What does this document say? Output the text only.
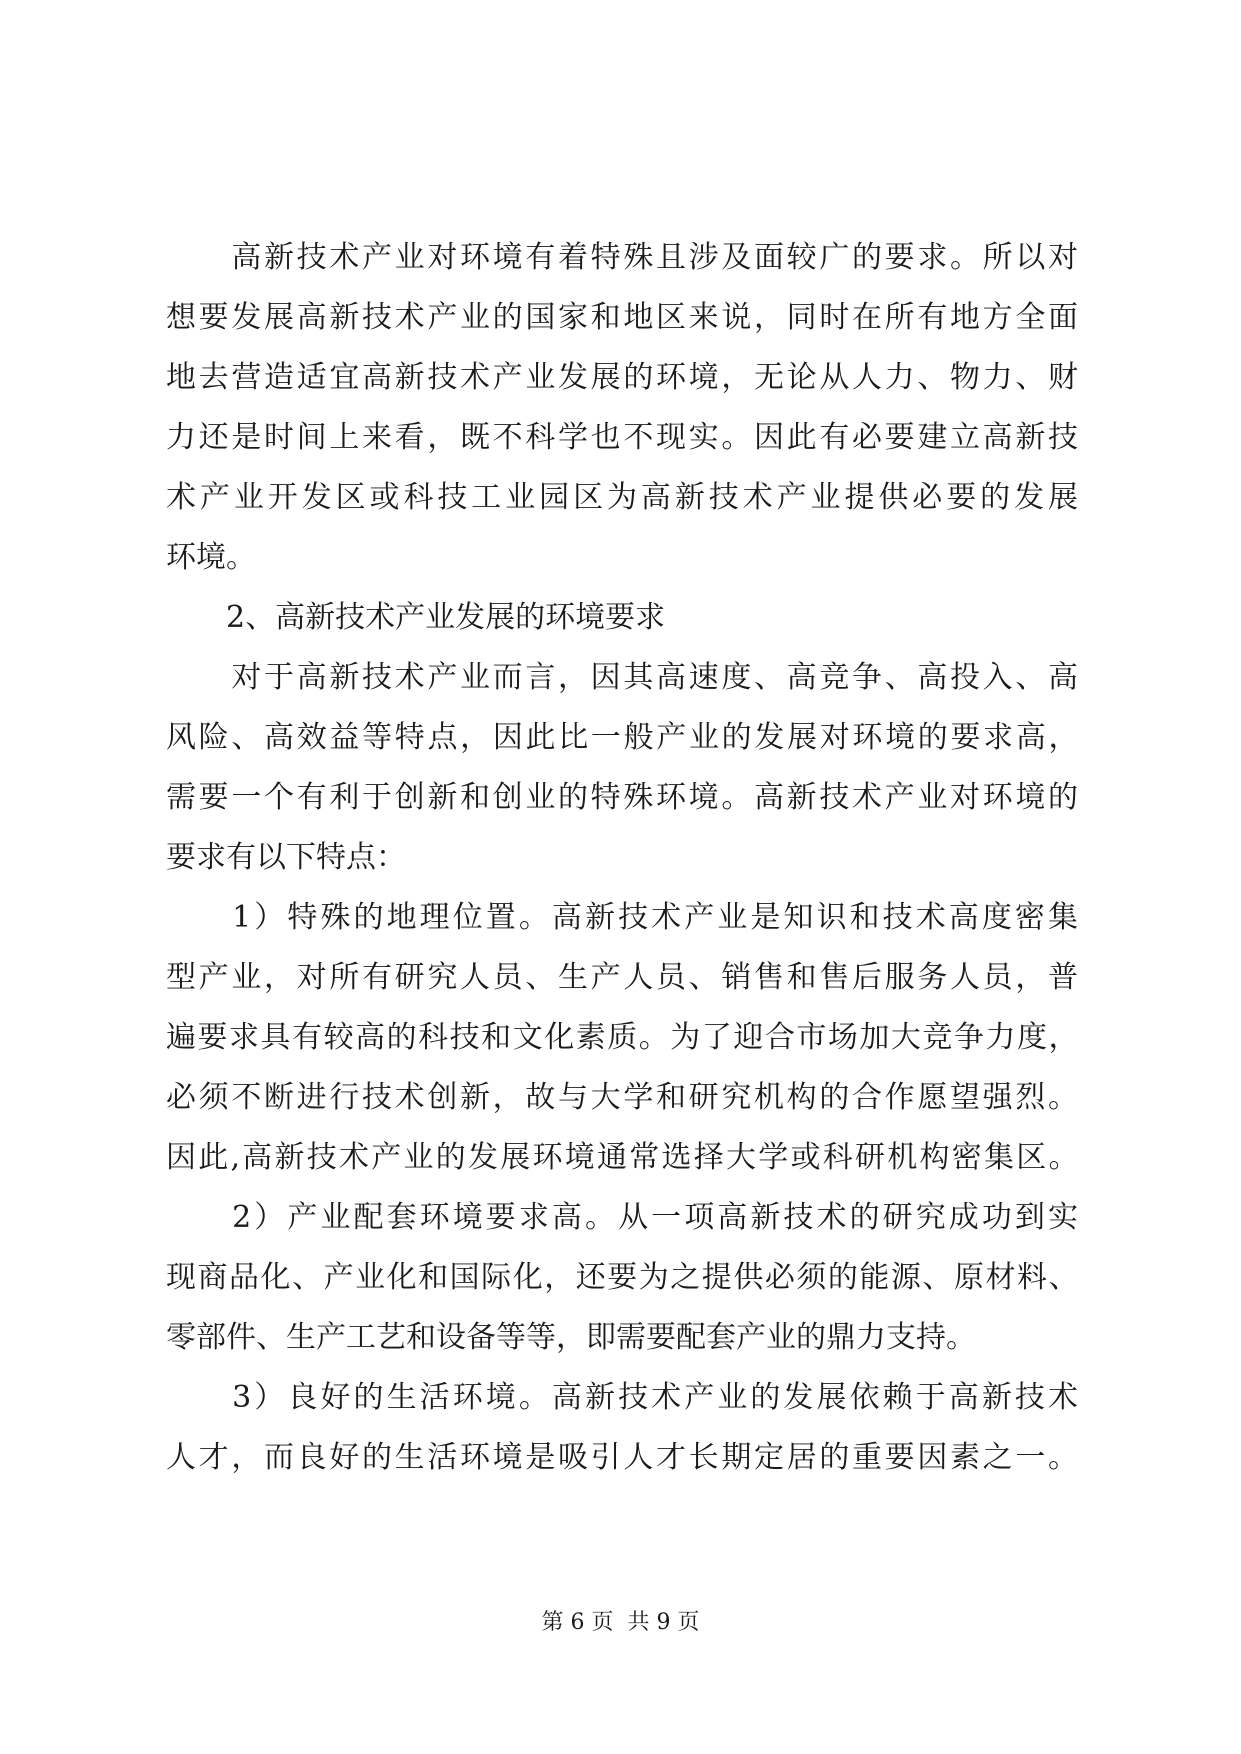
　　高新技术产业对环境有着特殊且涉及面较广的要求。所以对
想要发展高新技术产业的国家和地区来说，同时在所有地方全面
地去营造适宜高新技术产业发展的环境，无论从人力、物力、财
力还是时间上来看，既不科学也不现实。因此有必要建立高新技
术产业开发区或科技工业园区为高新技术产业提供必要的发展
环境。
2、高新技术产业发展的环境要求
　　对于高新技术产业而言，因其高速度、高竞争、高投入、高
风险、高效益等特点，因此比一般产业的发展对环境的要求高，
需要一个有利于创新和创业的特殊环境。高新技术产业对环境的
要求有以下特点：
　　1）特殊的地理位置。高新技术产业是知识和技术高度密集
型产业，对所有研究人员、生产人员、销售和售后服务人员，普
遍要求具有较高的科技和文化素质。为了迎合市场加大竞争力度，
必须不断进行技术创新，故与大学和研究机构的合作愿望强烈。
因此,高新技术产业的发展环境通常选择大学或科研机构密集区。
　　2）产业配套环境要求高。从一项高新技术的研究成功到实
现商品化、产业化和国际化，还要为之提供必须的能源、原材料、
零部件、生产工艺和设备等等，即需要配套产业的鼎力支持。
　　3）良好的生活环境。高新技术产业的发展依赖于高新技术
人才，而良好的生活环境是吸引人才长期定居的重要因素之一。
第 6 页  共 9 页
